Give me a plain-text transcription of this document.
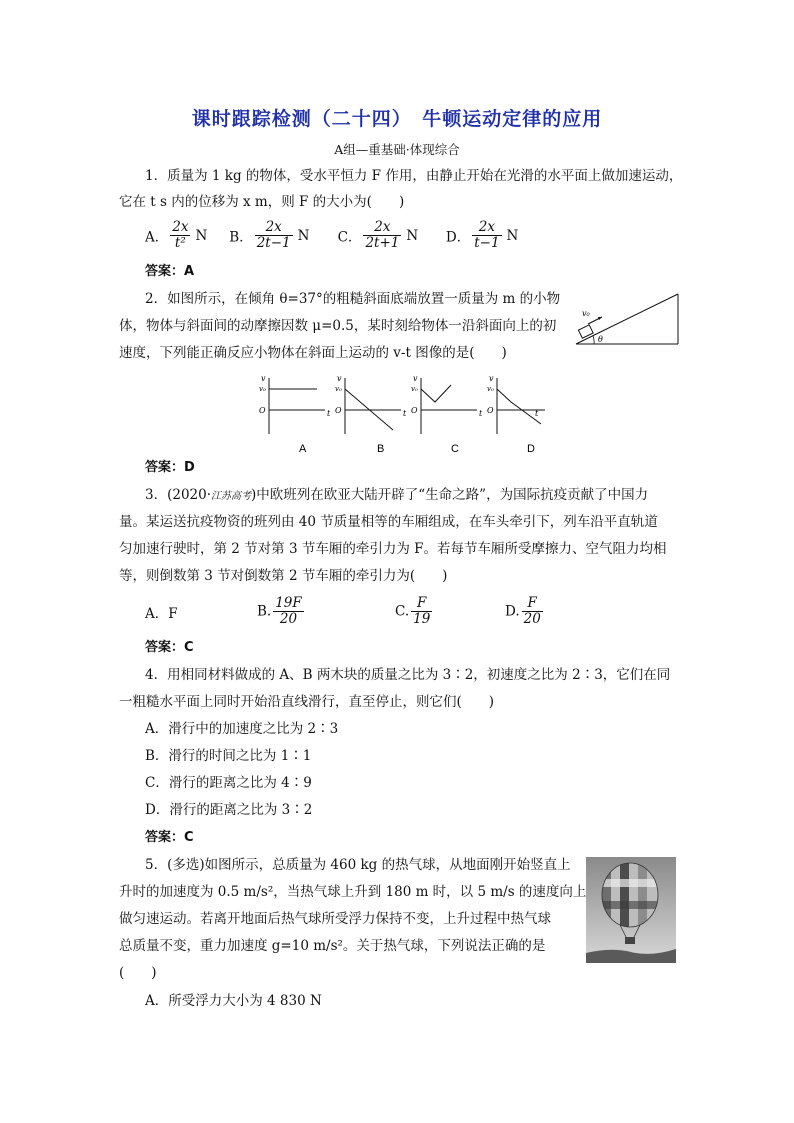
课时跟踪检测（二十四）　牛顿运动定律的应用
A组—重基础·体现综合
1．质量为 1 kg 的物体，受水平恒力 F 作用，由静止开始在光滑的水平面上做加速运动，
它在 t s 内的位移为 x m，则 F 的大小为(　　)
A． $\frac{2x}{\text{t²}}$ N B． $\frac{2x}{2t-1}$ N C． $\frac{2x}{2t+1}$ N D． $\frac{2x}{t-1}$ N
答案：A
2．如图所示，在倾角 θ=37°的粗糙斜面底端放置一质量为 m 的小物
体，物体与斜面间的动摩擦因数 μ=0.5，某时刻给物体一沿斜面向上的初
速度，下列能正确反应小物体在斜面上运动的 v-t 图像的是(　　)
v₀
θ
v
v₀
O	t
v
v₀
O	t
v
v₀
O	t
v
v₀
O	t
A	B	C	D
答案：D
3．(2020·江苏高考)中欧班列在欧亚大陆开辟了“生命之路”，为国际抗疫贡献了中国力
量。某运送抗疫物资的班列由 40 节质量相等的车厢组成，在车头牵引下，列车沿平直轨道
匀加速行驶时，第 2 节对第 3 节车厢的牵引力为 F。若每节车厢所受摩擦力、空气阻力均相
等，则倒数第 3 节对倒数第 2 节车厢的牵引力为(　　)
A．F	B. $\frac{19F}{20}$	C. $\frac{F}{19}$	D. $\frac{F}{20}$
答案：C
4．用相同材料做成的 A、B 两木块的质量之比为 3∶2，初速度之比为 2∶3，它们在同
一粗糙水平面上同时开始沿直线滑行，直至停止，则它们(　　)
A．滑行中的加速度之比为 2∶3
B．滑行的时间之比为 1∶1
C．滑行的距离之比为 4∶9
D．滑行的距离之比为 3∶2
答案：C
5．(多选)如图所示，总质量为 460 kg 的热气球，从地面刚开始竖直上
升时的加速度为 0.5 m/s²，当热气球上升到 180 m 时，以 5 m/s 的速度向上
做匀速运动。若离开地面后热气球所受浮力保持不变，上升过程中热气球
总质量不变，重力加速度 g=10 m/s²。关于热气球，下列说法正确的是
(　　)
A．所受浮力大小为 4 830 N
